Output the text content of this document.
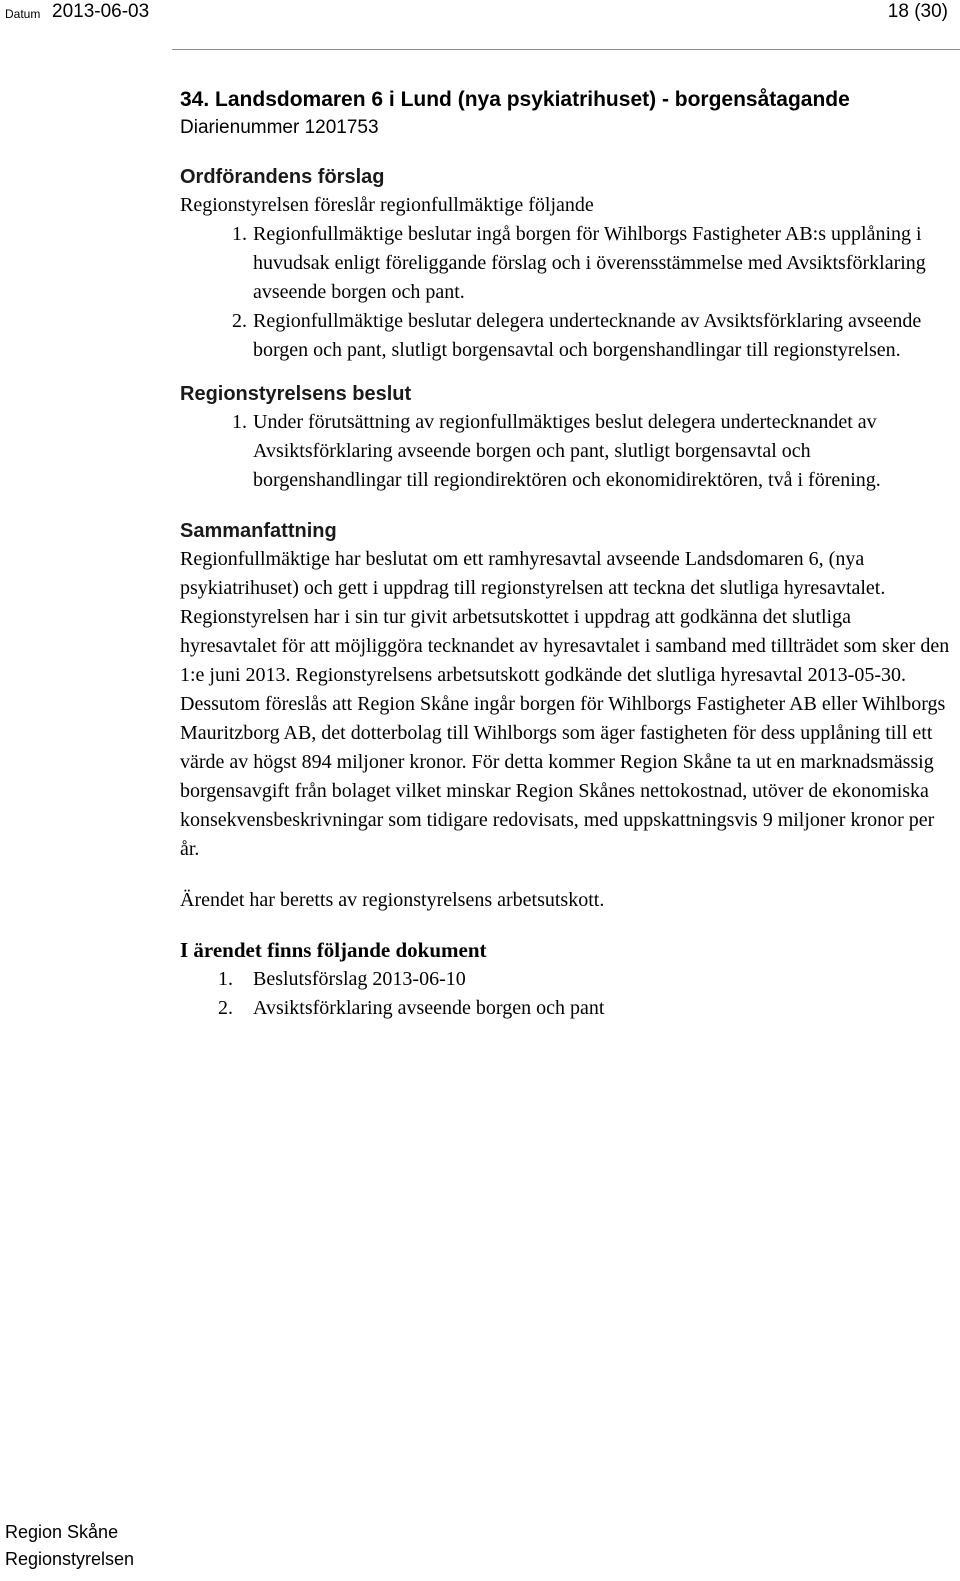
Datum 2013-06-03	18 (30)
34. Landsdomaren 6 i Lund (nya psykiatrihuset) - borgensåtagande
Diarienummer 1201753
Ordförandens förslag

Regionstyrelsen föreslår regionfullmäktige följande

1. Regionfullmäktige beslutar ingå borgen för Wihlborgs Fastigheter AB:s upplåning i huvudsak enligt föreliggande förslag och i överensstämmelse med Avsiktsförklaring avseende borgen och pant.
2. Regionfullmäktige beslutar delegera undertecknande av Avsiktsförklaring avseende borgen och pant, slutligt borgensavtal och borgenshandlingar till regionstyrelsen.
Regionstyrelsens beslut
1. Under förutsättning av regionfullmäktiges beslut delegera undertecknandet av Avsiktsförklaring avseende borgen och pant, slutligt borgensavtal och borgenshandlingar till regiondirektören och ekonomidirektören, två i förening.
Sammanfattning

Regionfullmäktige har beslutat om ett ramhyresavtal avseende Landsdomaren 6, (nya psykiatrihuset) och gett i uppdrag till regionstyrelsen att teckna det slutliga hyresavtalet. Regionstyrelsen har i sin tur givit arbetsutskottet i uppdrag att godkänna det slutliga hyresavtalet för att möjliggöra tecknandet av hyresavtalet i samband med tillträdet som sker den 1:e juni 2013. Regionstyrelsens arbetsutskott godkände det slutliga hyresavtal 2013-05-30. Dessutom föreslås att Region Skåne ingår borgen för Wihlborgs Fastigheter AB eller Wihlborgs Mauritzborg AB, det dotterbolag till Wihlborgs som äger fastigheten för dess upplåning till ett värde av högst 894 miljoner kronor. För detta kommer Region Skåne ta ut en marknadsmässig borgensavgift från bolaget vilket minskar Region Skånes nettokostnad, utöver de ekonomiska konsekvensbeskrivningar som tidigare redovisats, med uppskattningsvis 9 miljoner kronor per år.

Ärendet har beretts av regionstyrelsens arbetsutskott.

I ärendet finns följande dokument
1. Beslutsförslag 2013-06-10
2. Avsiktsförklaring avseende borgen och pant
Region Skåne
Regionstyrelsen
